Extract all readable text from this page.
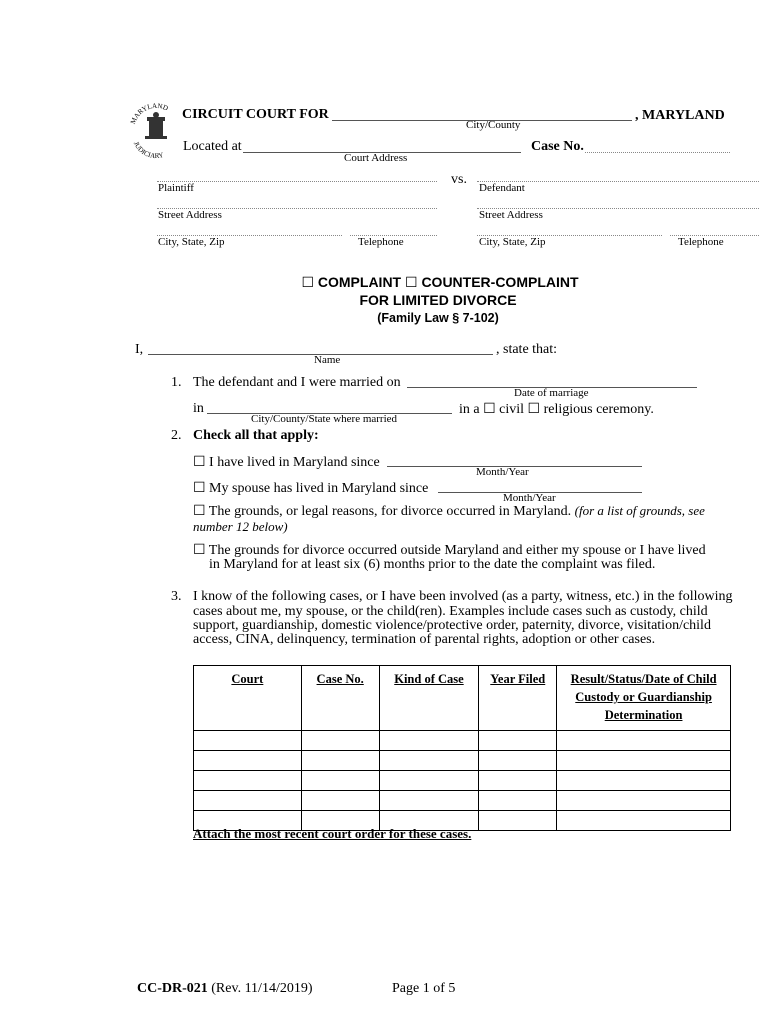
MARYLAND
JUDICIARY
CIRCUIT COURT FOR	, MARYLAND
City/County
Located at
Court Address
Case No.
Plaintiff
vs.
Defendant
Street Address	Street Address
City, State, Zip	Telephone	City, State, Zip	Telephone
☐ COMPLAINT ☐ COUNTER-COMPLAINT
FOR LIMITED DIVORCE
(Family Law § 7-102)
I,
Name
, state that:
1. The defendant and I were married on
Date of marriage
in
City/County/State where married
in a ☐ civil ☐ religious ceremony.
2. Check all that apply:
☐ I have lived in Maryland since
Month/Year
☐ My spouse has lived in Maryland since
Month/Year
☐ The grounds, or legal reasons, for divorce occurred in Maryland. (for a list of grounds, see
number 12 below)
☐ The grounds for divorce occurred outside Maryland and either my spouse or I have lived
in Maryland for at least six (6) months prior to the date the complaint was filed.
3. I know of the following cases, or I have been involved (as a party, witness, etc.) in the following
cases about me, my spouse, or the child(ren). Examples include cases such as custody, child
support, guardianship, domestic violence/protective order, paternity, divorce, visitation/child
access, CINA, delinquency, termination of parental rights, adoption or other cases.
Court	Case No.	Kind of Case	Year Filed	Result/Status/Date of Child Custody or Guardianship Determination

Attach the most recent court order for these cases.
CC-DR-021 (Rev. 11/14/2019)	Page 1 of 5
